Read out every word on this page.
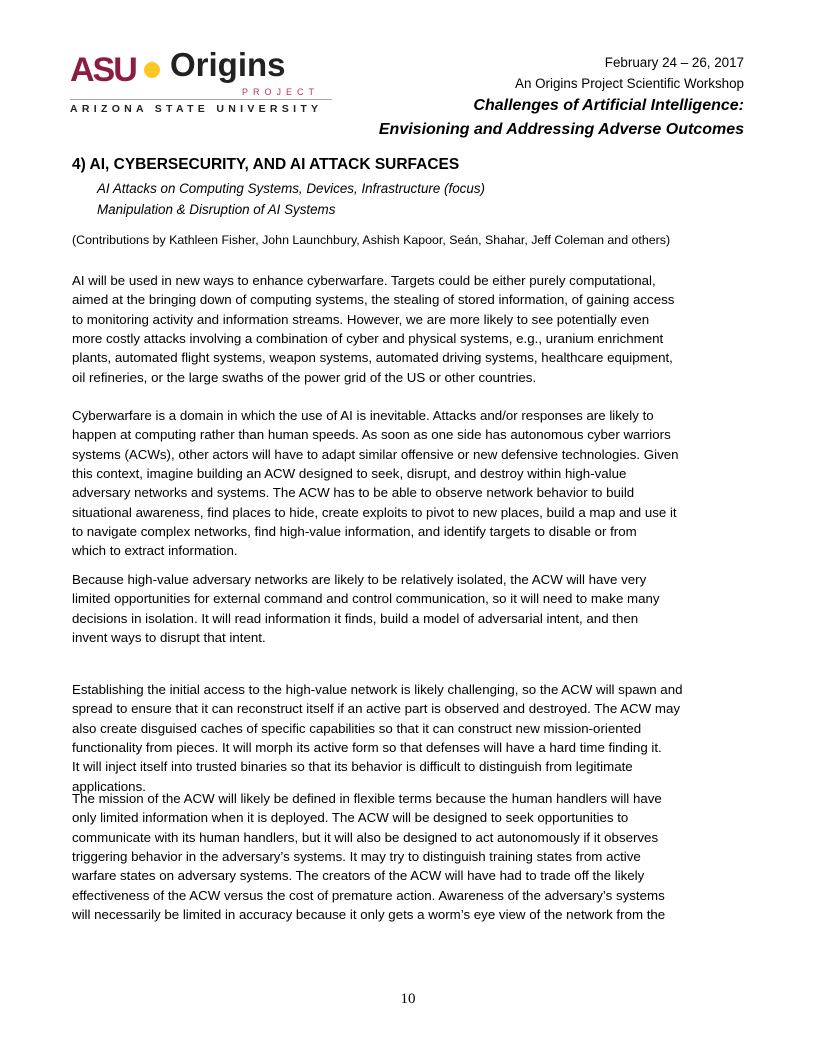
ASU Origins
PROJECT
ARIZONA STATE UNIVERSITY
February 24 – 26, 2017
An Origins Project Scientific Workshop
Challenges of Artificial Intelligence:
Envisioning and Addressing Adverse Outcomes
4) AI, CYBERSECURITY, AND AI ATTACK SURFACES
AI Attacks on Computing Systems, Devices, Infrastructure (focus)
Manipulation & Disruption of AI Systems
(Contributions by Kathleen Fisher, John Launchbury, Ashish Kapoor, Seán, Shahar, Jeff Coleman and others)
AI will be used in new ways to enhance cyberwarfare. Targets could be either purely computational,
aimed at the bringing down of computing systems, the stealing of stored information, of gaining access
to monitoring activity and information streams. However, we are more likely to see potentially even
more costly attacks involving a combination of cyber and physical systems, e.g., uranium enrichment
plants, automated flight systems, weapon systems, automated driving systems, healthcare equipment,
oil refineries, or the large swaths of the power grid of the US or other countries.
Cyberwarfare is a domain in which the use of AI is inevitable. Attacks and/or responses are likely to
happen at computing rather than human speeds. As soon as one side has autonomous cyber warriors
systems (ACWs), other actors will have to adapt similar offensive or new defensive technologies. Given
this context, imagine building an ACW designed to seek, disrupt, and destroy within high-value
adversary networks and systems. The ACW has to be able to observe network behavior to build
situational awareness, find places to hide, create exploits to pivot to new places, build a map and use it
to navigate complex networks, find high-value information, and identify targets to disable or from
which to extract information.
Because high-value adversary networks are likely to be relatively isolated, the ACW will have very
limited opportunities for external command and control communication, so it will need to make many
decisions in isolation. It will read information it finds, build a model of adversarial intent, and then
invent ways to disrupt that intent.
Establishing the initial access to the high-value network is likely challenging, so the ACW will spawn and
spread to ensure that it can reconstruct itself if an active part is observed and destroyed. The ACW may
also create disguised caches of specific capabilities so that it can construct new mission-oriented
functionality from pieces. It will morph its active form so that defenses will have a hard time finding it.
It will inject itself into trusted binaries so that its behavior is difficult to distinguish from legitimate
applications.
The mission of the ACW will likely be defined in flexible terms because the human handlers will have
only limited information when it is deployed. The ACW will be designed to seek opportunities to
communicate with its human handlers, but it will also be designed to act autonomously if it observes
triggering behavior in the adversary’s systems. It may try to distinguish training states from active
warfare states on adversary systems. The creators of the ACW will have had to trade off the likely
effectiveness of the ACW versus the cost of premature action. Awareness of the adversary’s systems
will necessarily be limited in accuracy because it only gets a worm’s eye view of the network from the
10
